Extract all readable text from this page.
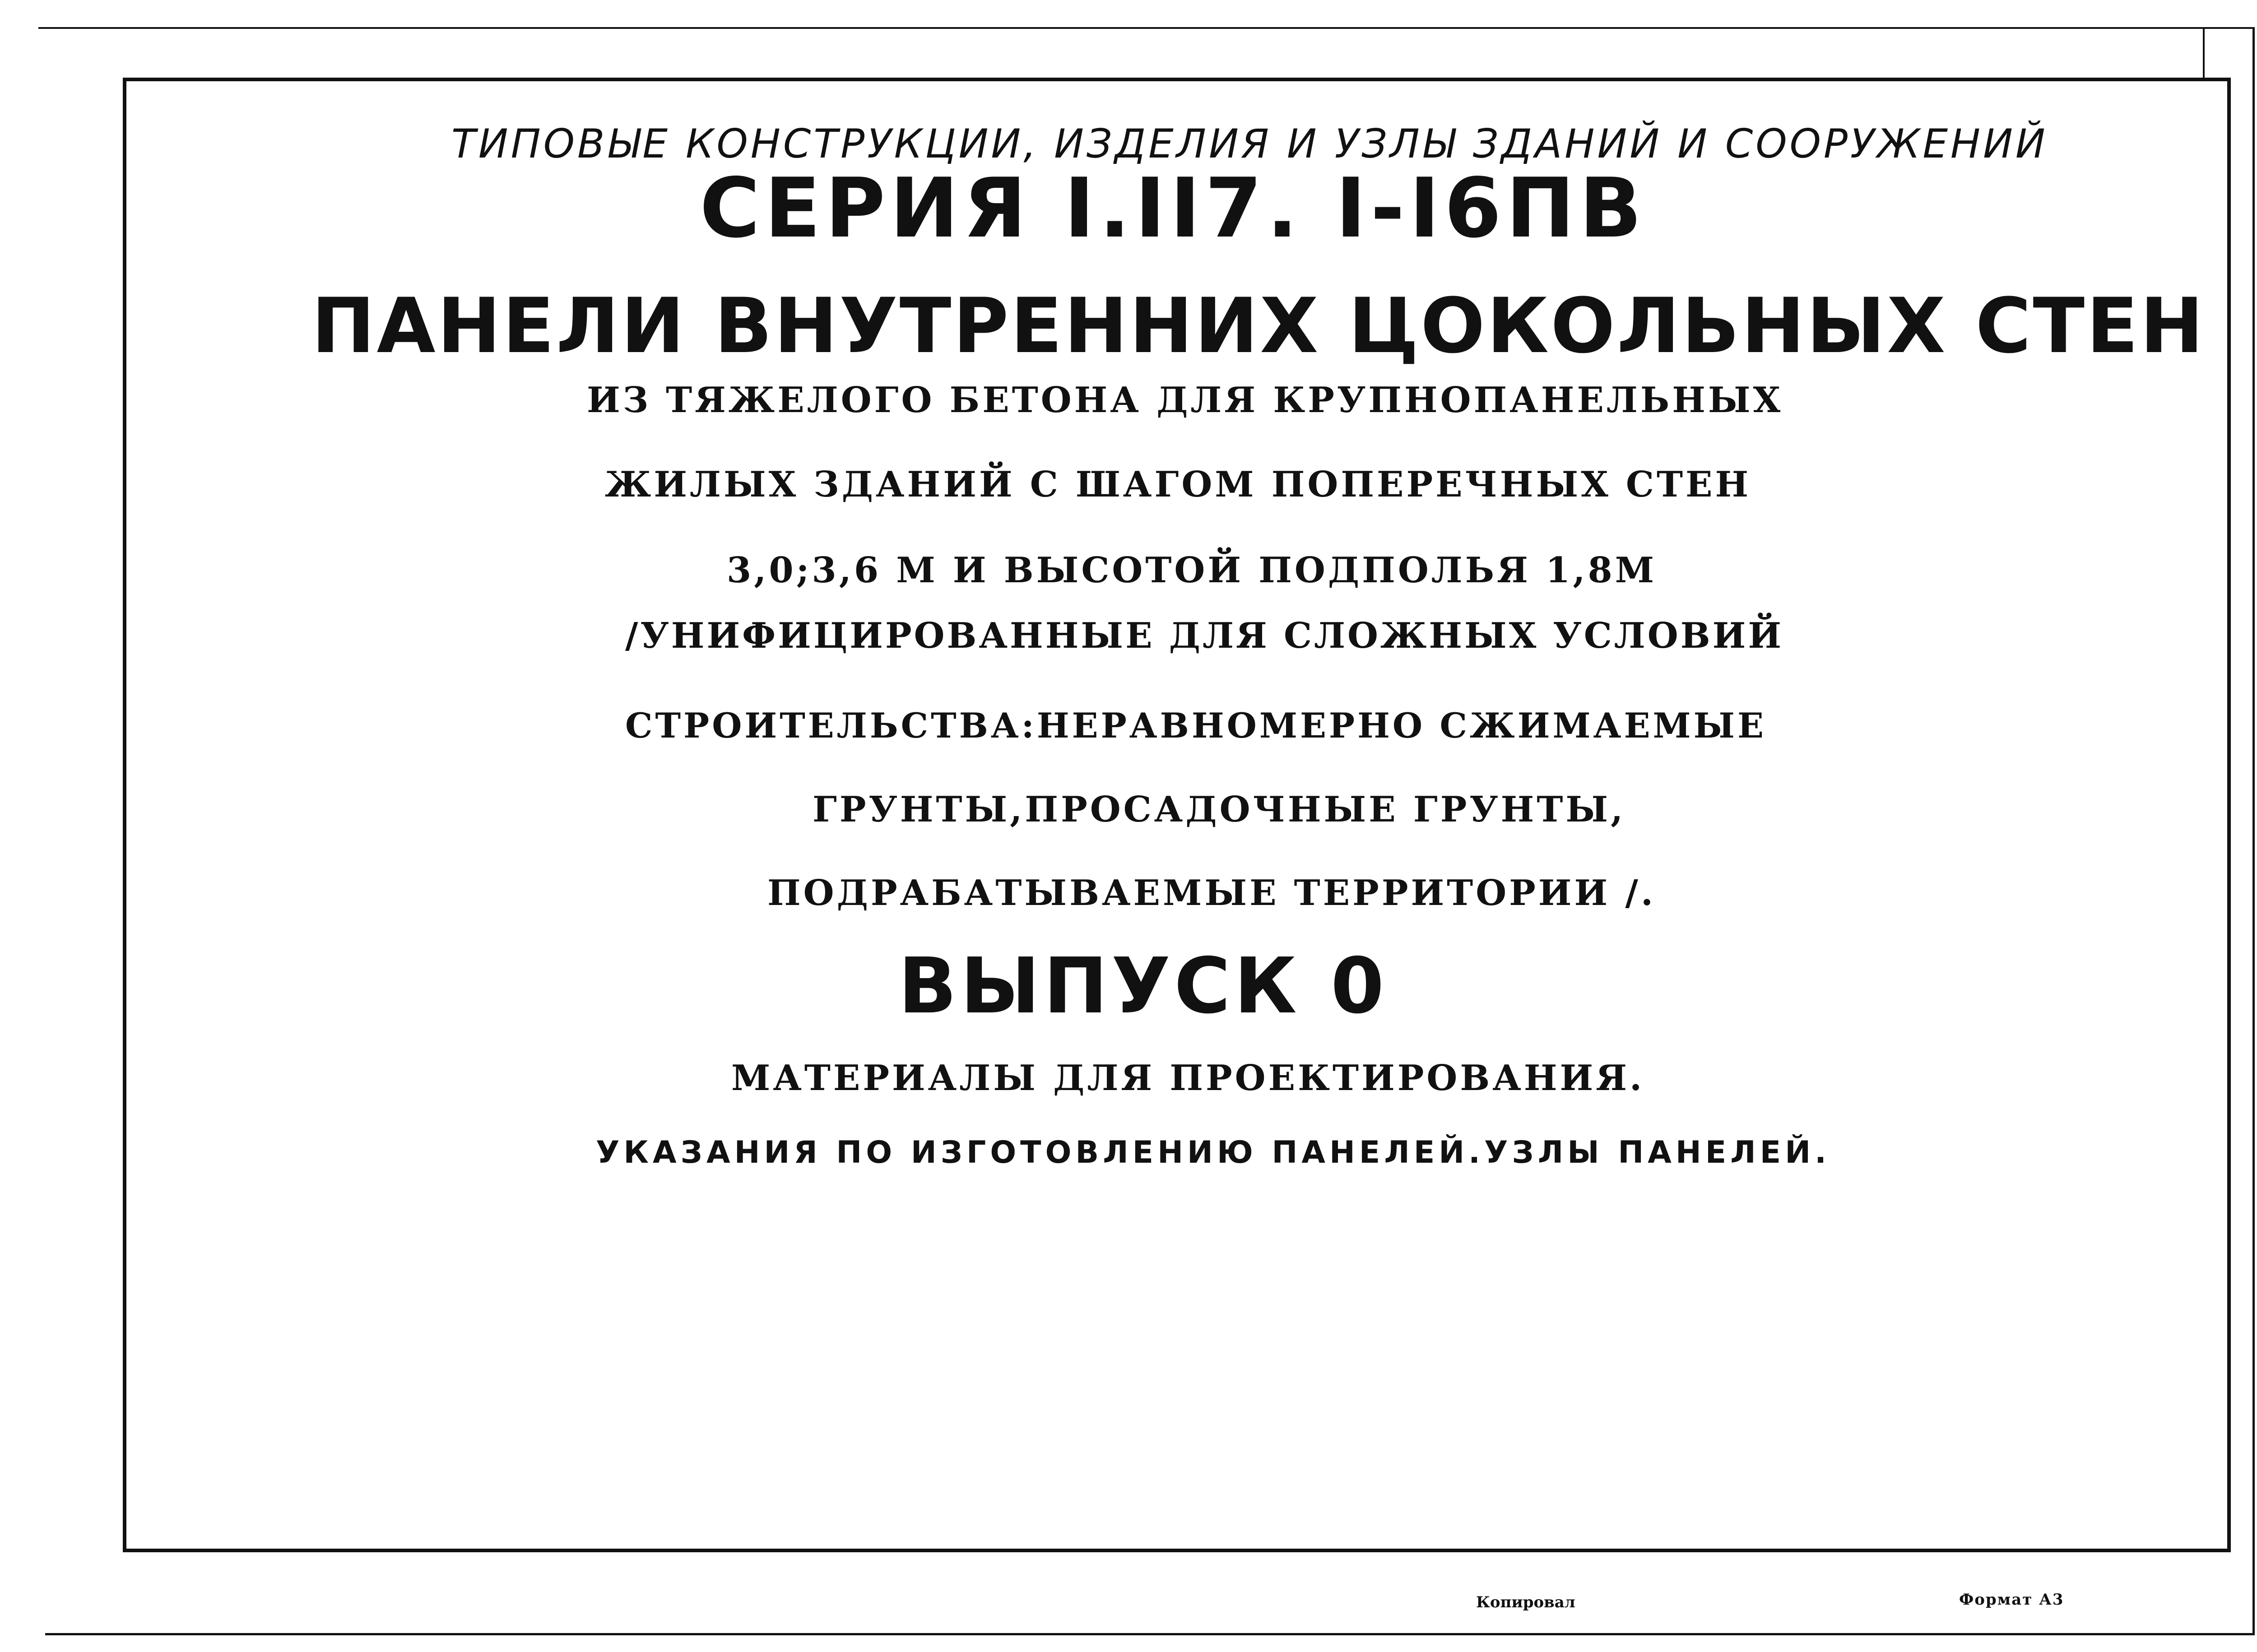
ТИПОВЫЕ КОНСТРУКЦИИ, ИЗДЕЛИЯ И УЗЛЫ ЗДАНИЙ И СООРУЖЕНИЙ
СЕРИЯ I.II7. I-I6ПВ
ПАНЕЛИ ВНУТРЕННИХ ЦОКОЛЬНЫХ СТЕН
ИЗ ТЯЖЕЛОГО БЕТОНА ДЛЯ КРУПНОПАНЕЛЬНЫХ
ЖИЛЫХ ЗДАНИЙ С ШАГОМ ПОПЕРЕЧНЫХ СТЕН
3,0;3,6 М И ВЫСОТОЙ ПОДПОЛЬЯ 1,8М
/УНИФИЦИРОВАННЫЕ ДЛЯ СЛОЖНЫХ УСЛОВИЙ
СТРОИТЕЛЬСТВА:НЕРАВНОМЕРНО СЖИМАЕМЫЕ
ГРУНТЫ,ПРОСАДОЧНЫЕ ГРУНТЫ,
ПОДРАБАТЫВАЕМЫЕ ТЕРРИТОРИИ /.
ВЫПУСК 0
МАТЕРИАЛЫ ДЛЯ ПРОЕКТИРОВАНИЯ.
УКАЗАНИЯ ПО ИЗГОТОВЛЕНИЮ ПАНЕЛЕЙ.УЗЛЫ ПАНЕЛЕЙ.
Копировал	Формат А3
